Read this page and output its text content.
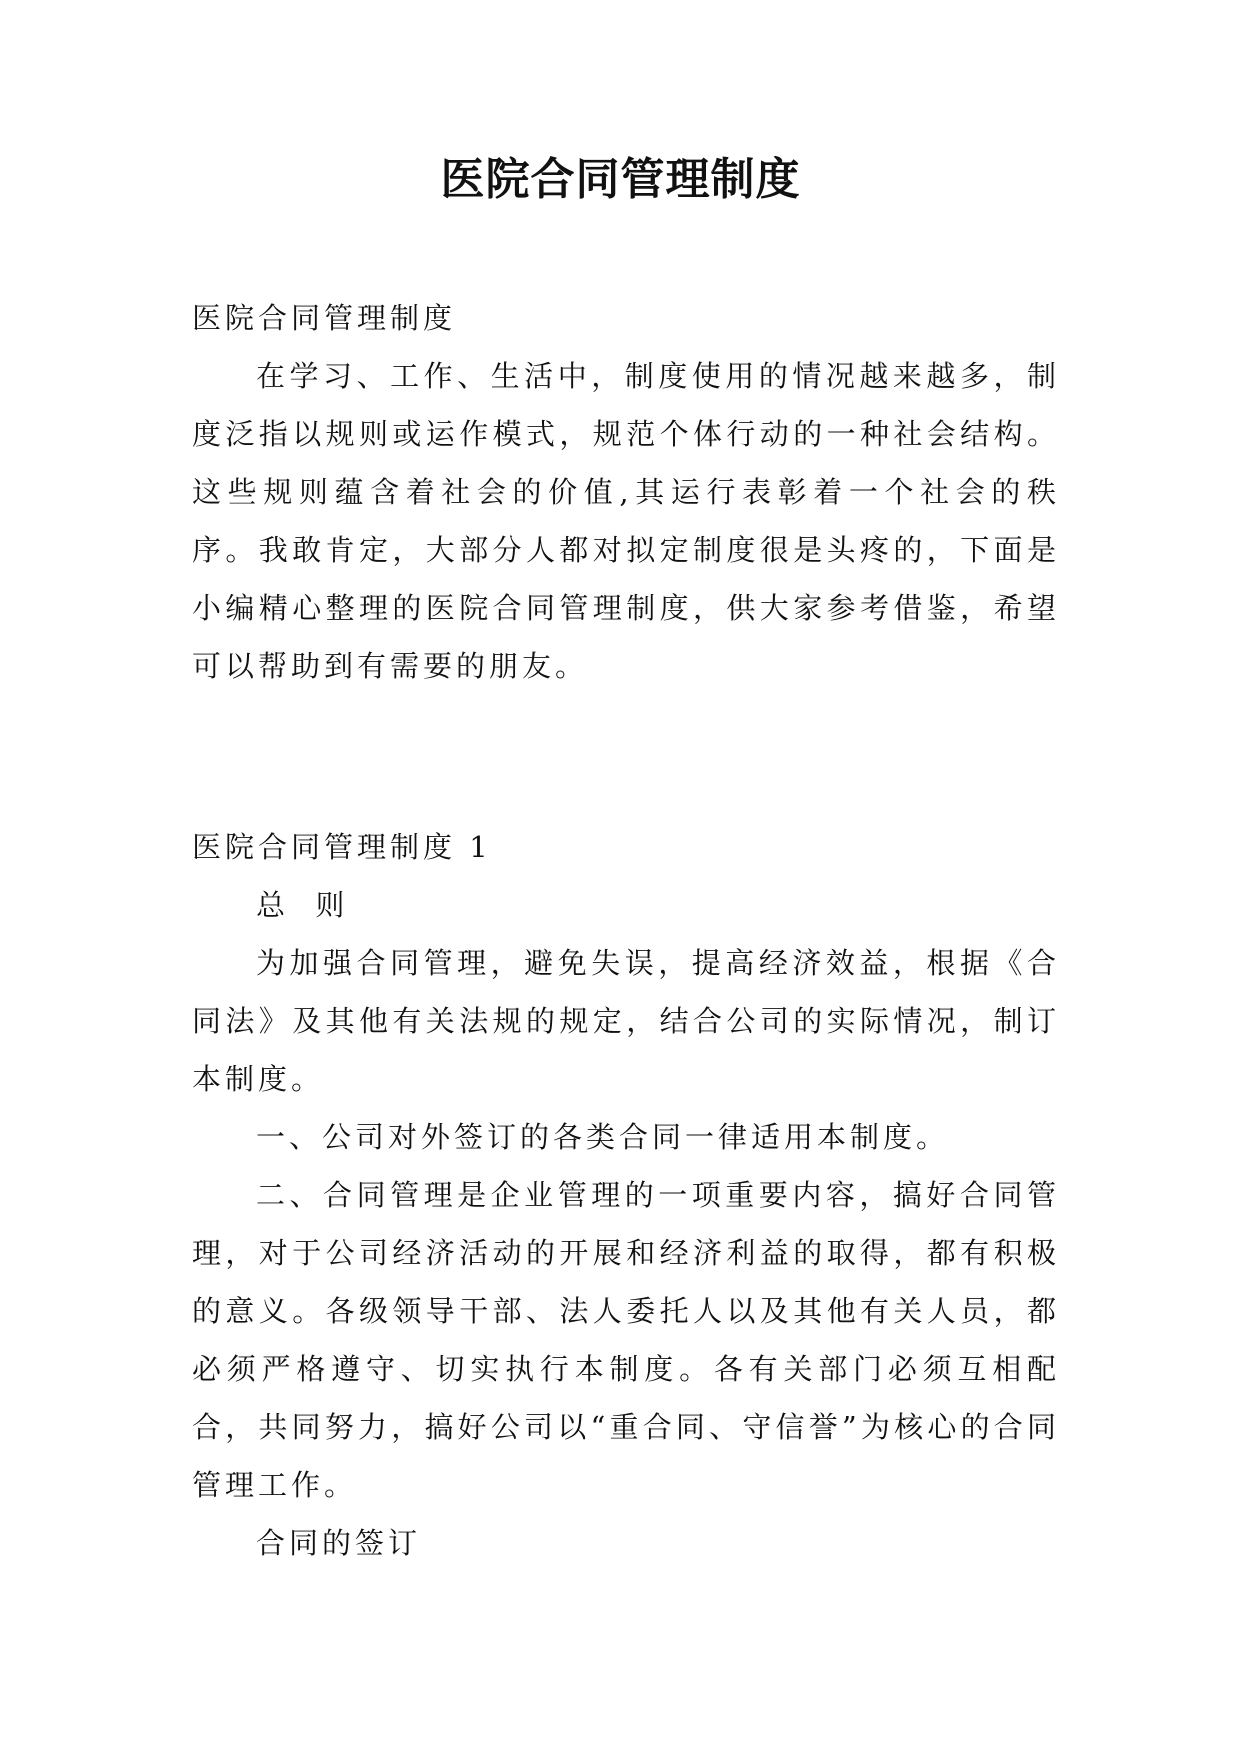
医院合同管理制度

医院合同管理制度

在学习、工作、生活中，制度使用的情况越来越多，制度泛指以规则或运作模式，规范个体行动的一种社会结构。这些规则蕴含着社会的价值,其运行表彰着一个社会的秩序。我敢肯定，大部分人都对拟定制度很是头疼的，下面是小编精心整理的医院合同管理制度，供大家参考借鉴，希望可以帮助到有需要的朋友。

医院合同管理制度 1

总  则

为加强合同管理，避免失误，提高经济效益，根据《合同法》及其他有关法规的规定，结合公司的实际情况，制订本制度。

一、公司对外签订的各类合同一律适用本制度。

二、合同管理是企业管理的一项重要内容，搞好合同管理，对于公司经济活动的开展和经济利益的取得，都有积极的意义。各级领导干部、法人委托人以及其他有关人员，都必须严格遵守、切实执行本制度。各有关部门必须互相配合，共同努力，搞好公司以“重合同、守信誉”为核心的合同管理工作。

合同的签订
